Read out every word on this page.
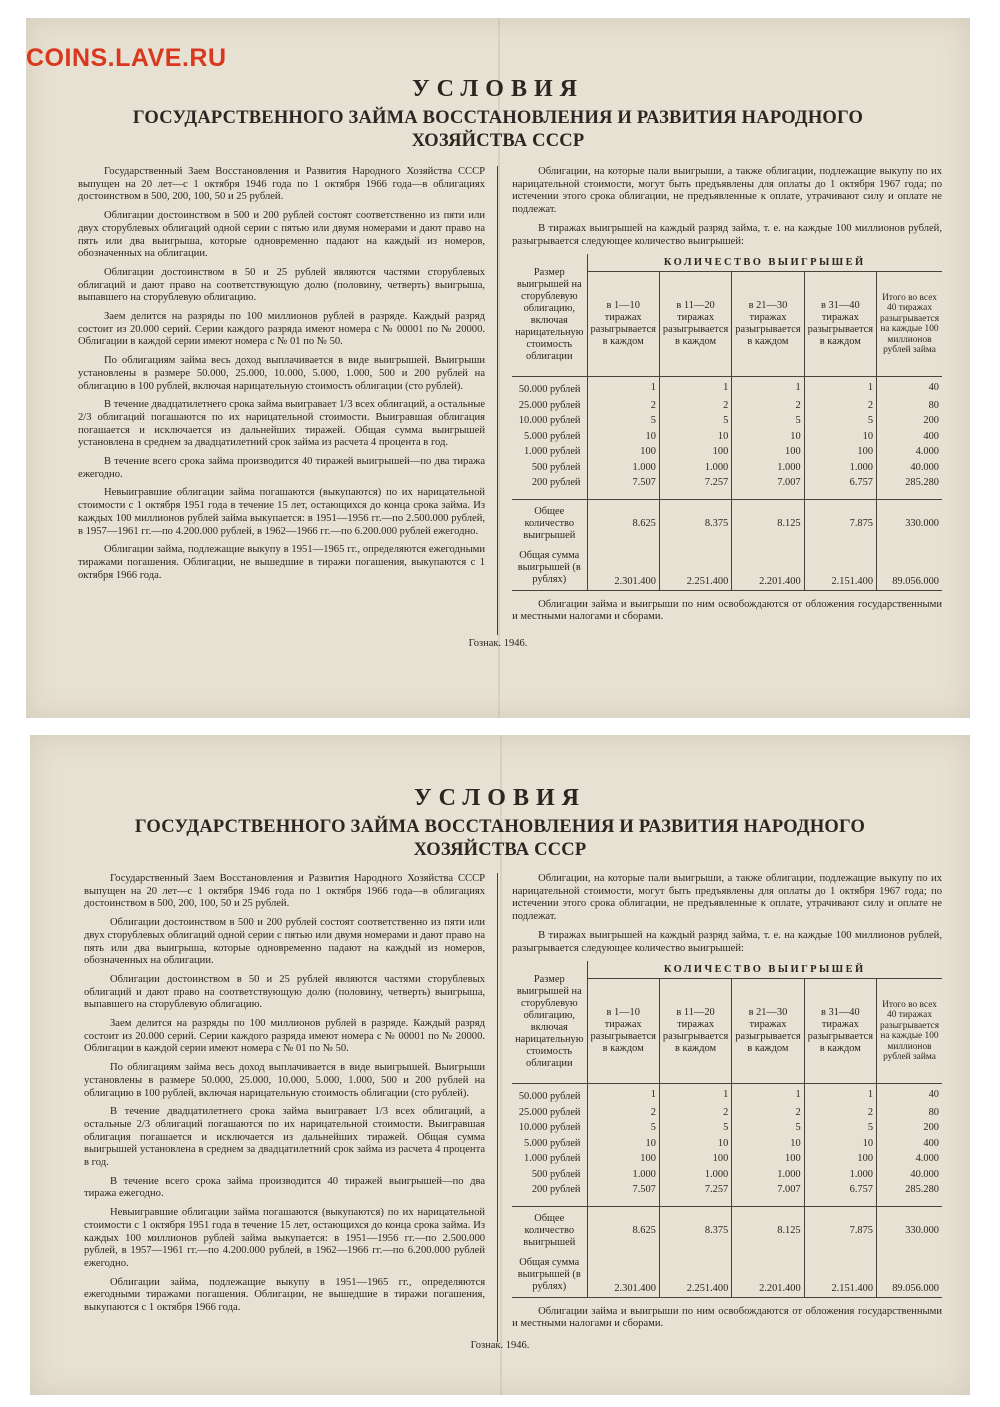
COINS.LAVE.RU
УСЛОВИЯ
ГОСУДАРСТВЕННОГО ЗАЙМА ВОССТАНОВЛЕНИЯ И РАЗВИТИЯ НАРОДНОГО
ХОЗЯЙСТВА СССР

Государственный Заем Восстановления и Развития Народного Хозяйства СССР выпущен на 20 лет—с 1 октября 1946 года по 1 октября 1966 года—в облигациях достоинством в 500, 200, 100, 50 и 25 рублей.

Облигации достоинством в 500 и 200 рублей состоят соответственно из пяти или двух сторублевых облигаций одной серии с пятью или двумя номерами и дают право на пять или два выигрыша, которые одновременно падают на каждый из номеров, обозначенных на облигации.

Облигации достоинством в 50 и 25 рублей являются частями сторублевых облигаций и дают право на соответствующую долю (половину, четверть) выигрыша, выпавшего на сторублевую облигацию.

Заем делится на разряды по 100 миллионов рублей в разряде. Каждый разряд состоит из 20.000 серий. Серии каждого разряда имеют номера с № 00001 по № 20000. Облигации в каждой серии имеют номера с № 01 по № 50.

По облигациям займа весь доход выплачивается в виде выигрышей. Выигрыши установлены в размере 50.000, 25.000, 10.000, 5.000, 1.000, 500 и 200 рублей на облигацию в 100 рублей, включая нарицательную стоимость облигации (сто рублей).

В течение двадцатилетнего срока займа выигравает 1/3 всех облигаций, а остальные 2/3 облигаций погашаются по их нарицательной стоимости. Выигравшая облигация погашается и исключается из дальнейших тиражей. Общая сумма выигрышей установлена в среднем за двадцатилетний срок займа из расчета 4 процента в год.

В течение всего срока займа производится 40 тиражей выигрышей—по два тиража ежегодно.

Невыигравшие облигации займа погашаются (выкупаются) по их нарицательной стоимости с 1 октября 1951 года в течение 15 лет, остающихся до конца срока займа. Из каждых 100 миллионов рублей займа выкупается: в 1951—1956 гг.—по 2.500.000 рублей, в 1957—1961 гг.—по 4.200.000 рублей, в 1962—1966 гг.—по 6.200.000 рублей ежегодно.

Облигации займа, подлежащие выкупу в 1951—1965 гг., определяются ежегодными тиражами погашения. Облигации, не вышедшие в тиражи погашения, выкупаются с 1 октября 1966 года.

Облигации, на которые пали выигрыши, а также облигации, подлежащие выкупу по их нарицательной стоимости, могут быть предъявлены для оплаты до 1 октября 1967 года; по истечении этого срока облигации, не предъявленные к оплате, утрачивают силу и оплате не подлежат.

В тиражах выигрышей на каждый разряд займа, т. е. на каждые 100 миллионов рублей, разыгрывается следующее количество выигрышей:

Размер выигрышей на сторублевую облигацию, включая нарицательную стоимость облигации	КОЛИЧЕСТВО ВЫИГРЫШЕЙ				
	в 1—10 тиражах разыгрывается в каждом	в 11—20 тиражах разыгрывается в каждом	в 21—30 тиражах разыгрывается в каждом	в 31—40 тиражах разыгрывается в каждом	Итого во всех 40 тиражах разыгрывается на каждые 100 миллионов рублей займа
50.000 рублей	1	1	1	1	40
25.000 рублей	2	2	2	2	80
10.000 рублей	5	5	5	5	200
5.000 рублей	10	10	10	10	400
1.000 рублей	100	100	100	100	4.000
500 рублей	1.000	1.000	1.000	1.000	40.000
200 рублей	7.507	7.257	7.007	6.757	285.280
Общее количество выигрышей	8.625	8.375	8.125	7.875	330.000
Общая сумма выигрышей (в рублях)	2.301.400	2.251.400	2.201.400	2.151.400	89.056.000

Облигации займа и выигрыши по ним освобождаются от обложения государственными и местными налогами и сборами.

Гознак. 1946.
УСЛОВИЯ
ГОСУДАРСТВЕННОГО ЗАЙМА ВОССТАНОВЛЕНИЯ И РАЗВИТИЯ НАРОДНОГО
ХОЗЯЙСТВА СССР

Государственный Заем Восстановления и Развития Народного Хозяйства СССР выпущен на 20 лет—с 1 октября 1946 года по 1 октября 1966 года—в облигациях достоинством в 500, 200, 100, 50 и 25 рублей.

Облигации достоинством в 500 и 200 рублей состоят соответственно из пяти или двух сторублевых облигаций одной серии с пятью или двумя номерами и дают право на пять или два выигрыша, которые одновременно падают на каждый из номеров, обозначенных на облигации.

Облигации достоинством в 50 и 25 рублей являются частями сторублевых облигаций и дают право на соответствующую долю (половину, четверть) выигрыша, выпавшего на сторублевую облигацию.

Заем делится на разряды по 100 миллионов рублей в разряде. Каждый разряд состоит из 20.000 серий. Серии каждого разряда имеют номера с № 00001 по № 20000. Облигации в каждой серии имеют номера с № 01 по № 50.

По облигациям займа весь доход выплачивается в виде выигрышей. Выигрыши установлены в размере 50.000, 25.000, 10.000, 5.000, 1.000, 500 и 200 рублей на облигацию в 100 рублей, включая нарицательную стоимость облигации (сто рублей).

В течение двадцатилетнего срока займа выигравает 1/3 всех облигаций, а остальные 2/3 облигаций погашаются по их нарицательной стоимости. Выигравшая облигация погашается и исключается из дальнейших тиражей. Общая сумма выигрышей установлена в среднем за двадцатилетний срок займа из расчета 4 процента в год.

В течение всего срока займа производится 40 тиражей выигрышей—по два тиража ежегодно.

Невыигравшие облигации займа погашаются (выкупаются) по их нарицательной стоимости с 1 октября 1951 года в течение 15 лет, остающихся до конца срока займа. Из каждых 100 миллионов рублей займа выкупается: в 1951—1956 гг.—по 2.500.000 рублей, в 1957—1961 гг.—по 4.200.000 рублей, в 1962—1966 гг.—по 6.200.000 рублей ежегодно.

Облигации займа, подлежащие выкупу в 1951—1965 гг., определяются ежегодными тиражами погашения. Облигации, не вышедшие в тиражи погашения, выкупаются с 1 октября 1966 года.

Облигации, на которые пали выигрыши, а также облигации, подлежащие выкупу по их нарицательной стоимости, могут быть предъявлены для оплаты до 1 октября 1967 года; по истечении этого срока облигации, не предъявленные к оплате, утрачивают силу и оплате не подлежат.

В тиражах выигрышей на каждый разряд займа, т. е. на каждые 100 миллионов рублей, разыгрывается следующее количество выигрышей:

Размер выигрышей на сторублевую облигацию, включая нарицательную стоимость облигации	КОЛИЧЕСТВО ВЫИГРЫШЕЙ				
	в 1—10 тиражах разыгрывается в каждом	в 11—20 тиражах разыгрывается в каждом	в 21—30 тиражах разыгрывается в каждом	в 31—40 тиражах разыгрывается в каждом	Итого во всех 40 тиражах разыгрывается на каждые 100 миллионов рублей займа
50.000 рублей	1	1	1	1	40
25.000 рублей	2	2	2	2	80
10.000 рублей	5	5	5	5	200
5.000 рублей	10	10	10	10	400
1.000 рублей	100	100	100	100	4.000
500 рублей	1.000	1.000	1.000	1.000	40.000
200 рублей	7.507	7.257	7.007	6.757	285.280
Общее количество выигрышей	8.625	8.375	8.125	7.875	330.000
Общая сумма выигрышей (в рублях)	2.301.400	2.251.400	2.201.400	2.151.400	89.056.000

Облигации займа и выигрыши по ним освобождаются от обложения государственными и местными налогами и сборами.

Гознак. 1946.
